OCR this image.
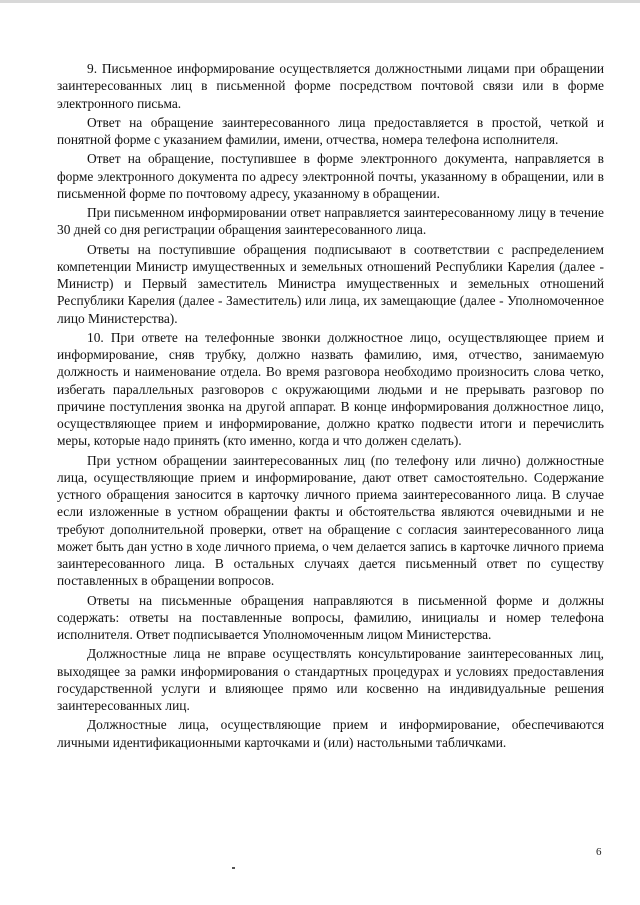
9. Письменное информирование осуществляется должностными лицами при обращении заинтересованных лиц в письменной форме посредством почтовой связи или в форме электронного письма.

Ответ на обращение заинтересованного лица предоставляется в простой, четкой и понятной форме с указанием фамилии, имени, отчества, номера телефона исполнителя.

Ответ на обращение, поступившее в форме электронного документа, направляется в форме электронного документа по адресу электронной почты, указанному в обращении, или в письменной форме по почтовому адресу, указанному в обращении.

При письменном информировании ответ направляется заинтересованному лицу в течение 30 дней со дня регистрации обращения заинтересованного лица.

Ответы на поступившие обращения подписывают в соответствии с распределением компетенции Министр имущественных и земельных отношений Республики Карелия (далее - Министр) и Первый заместитель Министра имущественных и земельных отношений Республики Карелия (далее - Заместитель) или лица, их замещающие (далее - Уполномоченное лицо Министерства).

10. При ответе на телефонные звонки должностное лицо, осуществляющее прием и информирование, сняв трубку, должно назвать фамилию, имя, отчество, занимаемую должность и наименование отдела. Во время разговора необходимо произносить слова четко, избегать параллельных разговоров с окружающими людьми и не прерывать разговор по причине поступления звонка на другой аппарат. В конце информирования должностное лицо, осуществляющее прием и информирование, должно кратко подвести итоги и перечислить меры, которые надо принять (кто именно, когда и что должен сделать).

При устном обращении заинтересованных лиц (по телефону или лично) должностные лица, осуществляющие прием и информирование, дают ответ самостоятельно. Содержание устного обращения заносится в карточку личного приема заинтересованного лица. В случае если изложенные в устном обращении факты и обстоятельства являются очевидными и не требуют дополнительной проверки, ответ на обращение с согласия заинтересованного лица может быть дан устно в ходе личного приема, о чем делается запись в карточке личного приема заинтересованного лица. В остальных случаях дается письменный ответ по существу поставленных в обращении вопросов.

Ответы на письменные обращения направляются в письменной форме и должны содержать: ответы на поставленные вопросы, фамилию, инициалы и номер телефона исполнителя. Ответ подписывается Уполномоченным лицом Министерства.

Должностные лица не вправе осуществлять консультирование заинтересованных лиц, выходящее за рамки информирования о стандартных процедурах и условиях предоставления государственной услуги и влияющее прямо или косвенно на индивидуальные решения заинтересованных лиц.

Должностные лица, осуществляющие прием и информирование, обеспечиваются личными идентификационными карточками и (или) настольными табличками.

6
